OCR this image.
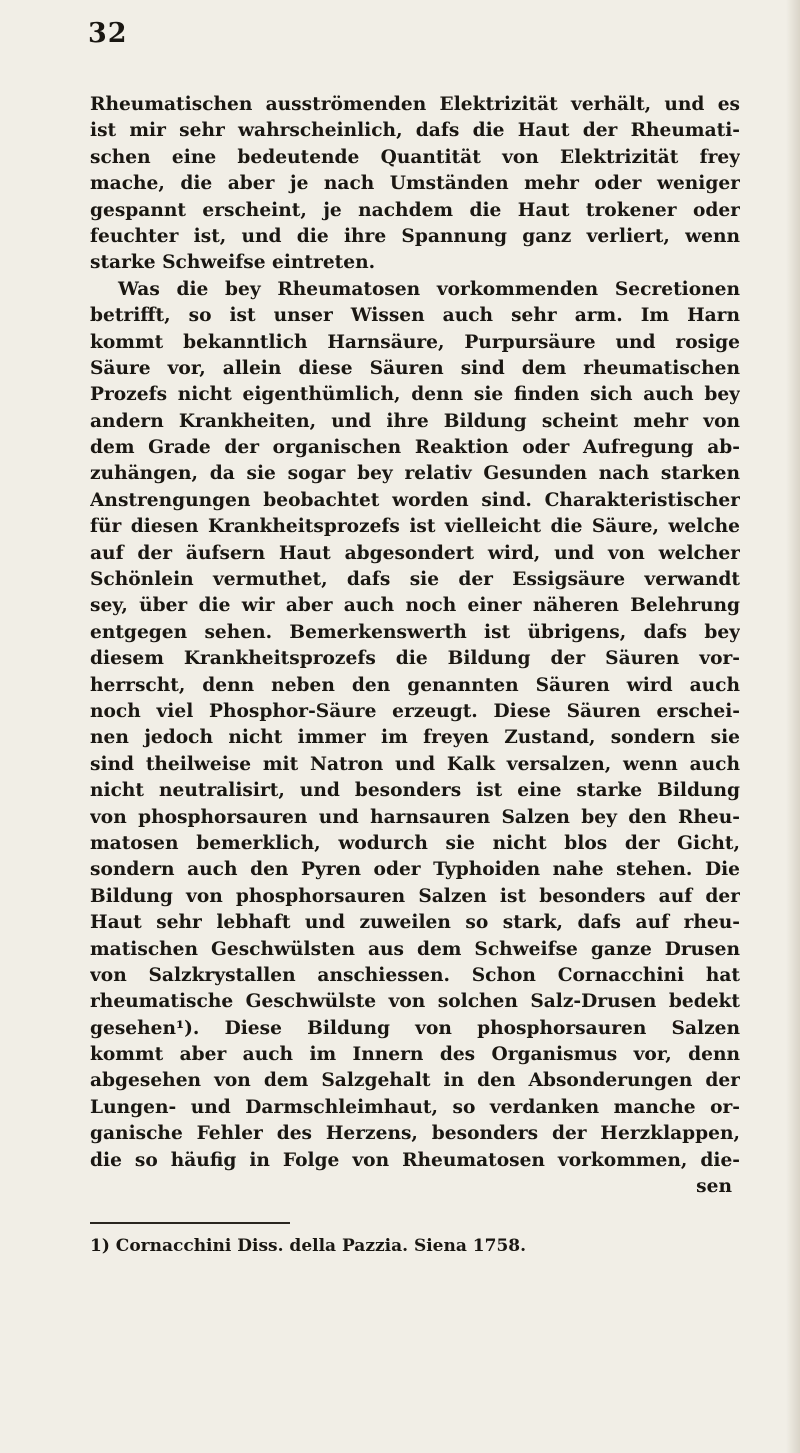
32
Rheumatischen ausströmenden Elektrizität verhält, und es
ist mir sehr wahrscheinlich, dafs die Haut der Rheumati-
schen eine bedeutende Quantität von Elektrizität frey
mache, die aber je nach Umständen mehr oder weniger
gespannt erscheint, je nachdem die Haut trokener oder
feuchter ist, und die ihre Spannung ganz verliert, wenn
starke Schweifse eintreten.
Was die bey Rheumatosen vorkommenden Secretionen
betrifft, so ist unser Wissen auch sehr arm. Im Harn
kommt bekanntlich Harnsäure, Purpursäure und rosige
Säure vor, allein diese Säuren sind dem rheumatischen
Prozefs nicht eigenthümlich, denn sie finden sich auch bey
andern Krankheiten, und ihre Bildung scheint mehr von
dem Grade der organischen Reaktion oder Aufregung ab-
zuhängen, da sie sogar bey relativ Gesunden nach starken
Anstrengungen beobachtet worden sind. Charakteristischer
für diesen Krankheitsprozefs ist vielleicht die Säure, welche
auf der äufsern Haut abgesondert wird, und von welcher
Schönlein vermuthet, dafs sie der Essigsäure verwandt
sey, über die wir aber auch noch einer näheren Belehrung
entgegen sehen. Bemerkenswerth ist übrigens, dafs bey
diesem Krankheitsprozefs die Bildung der Säuren vor-
herrscht, denn neben den genannten Säuren wird auch
noch viel Phosphor-Säure erzeugt. Diese Säuren erschei-
nen jedoch nicht immer im freyen Zustand, sondern sie
sind theilweise mit Natron und Kalk versalzen, wenn auch
nicht neutralisirt, und besonders ist eine starke Bildung
von phosphorsauren und harnsauren Salzen bey den Rheu-
matosen bemerklich, wodurch sie nicht blos der Gicht,
sondern auch den Pyren oder Typhoiden nahe stehen. Die
Bildung von phosphorsauren Salzen ist besonders auf der
Haut sehr lebhaft und zuweilen so stark, dafs auf rheu-
matischen Geschwülsten aus dem Schweifse ganze Drusen
von Salzkrystallen anschiessen. Schon Cornacchini hat
rheumatische Geschwülste von solchen Salz-Drusen bedekt
gesehen¹). Diese Bildung von phosphorsauren Salzen
kommt aber auch im Innern des Organismus vor, denn
abgesehen von dem Salzgehalt in den Absonderungen der
Lungen- und Darmschleimhaut, so verdanken manche or-
ganische Fehler des Herzens, besonders der Herzklappen,
die so häufig in Folge von Rheumatosen vorkommen, die-
sen
1) Cornacchini Diss. della Pazzia. Siena 1758.
